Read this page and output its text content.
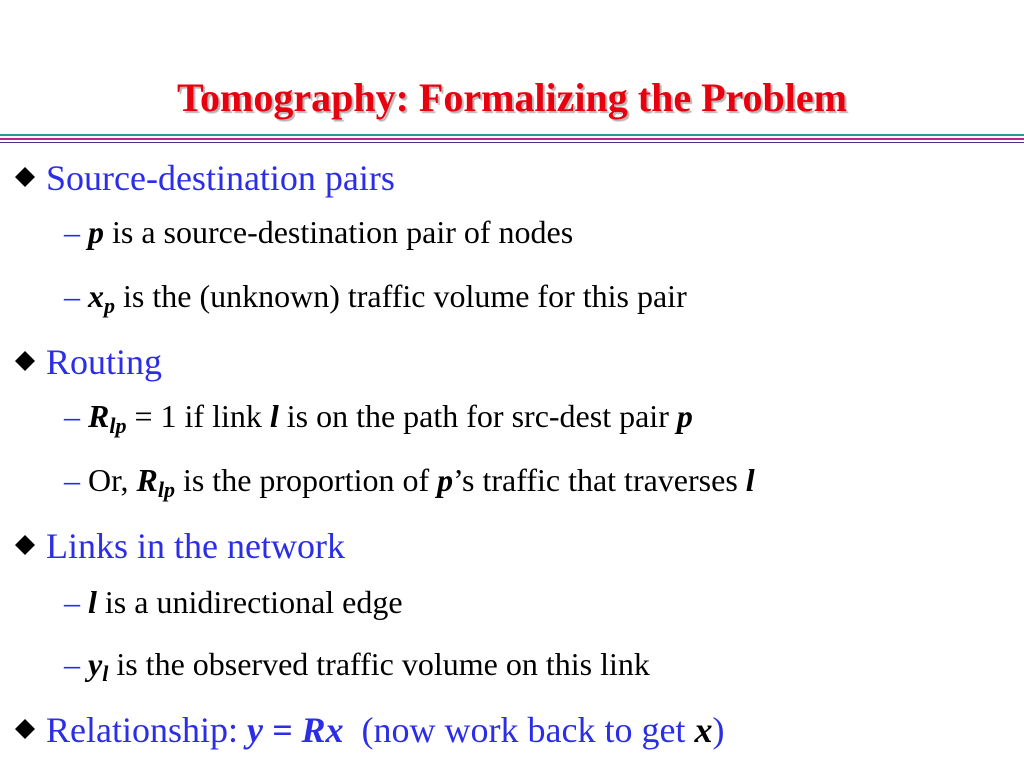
Tomography: Formalizing the Problem
Source-destination pairs
– p is a source-destination pair of nodes
– $x_p$ is the (unknown) traffic volume for this pair
Routing
– $R_{lp} = 1$ if link l is on the path for src-dest pair p
– Or, $R_{lp}$ is the proportion of p’s traffic that traverses l
Links in the network
– l is a unidirectional edge
– $y_l$ is the observed traffic volume on this link
Relationship: y = Rx  (now work back to get x)
